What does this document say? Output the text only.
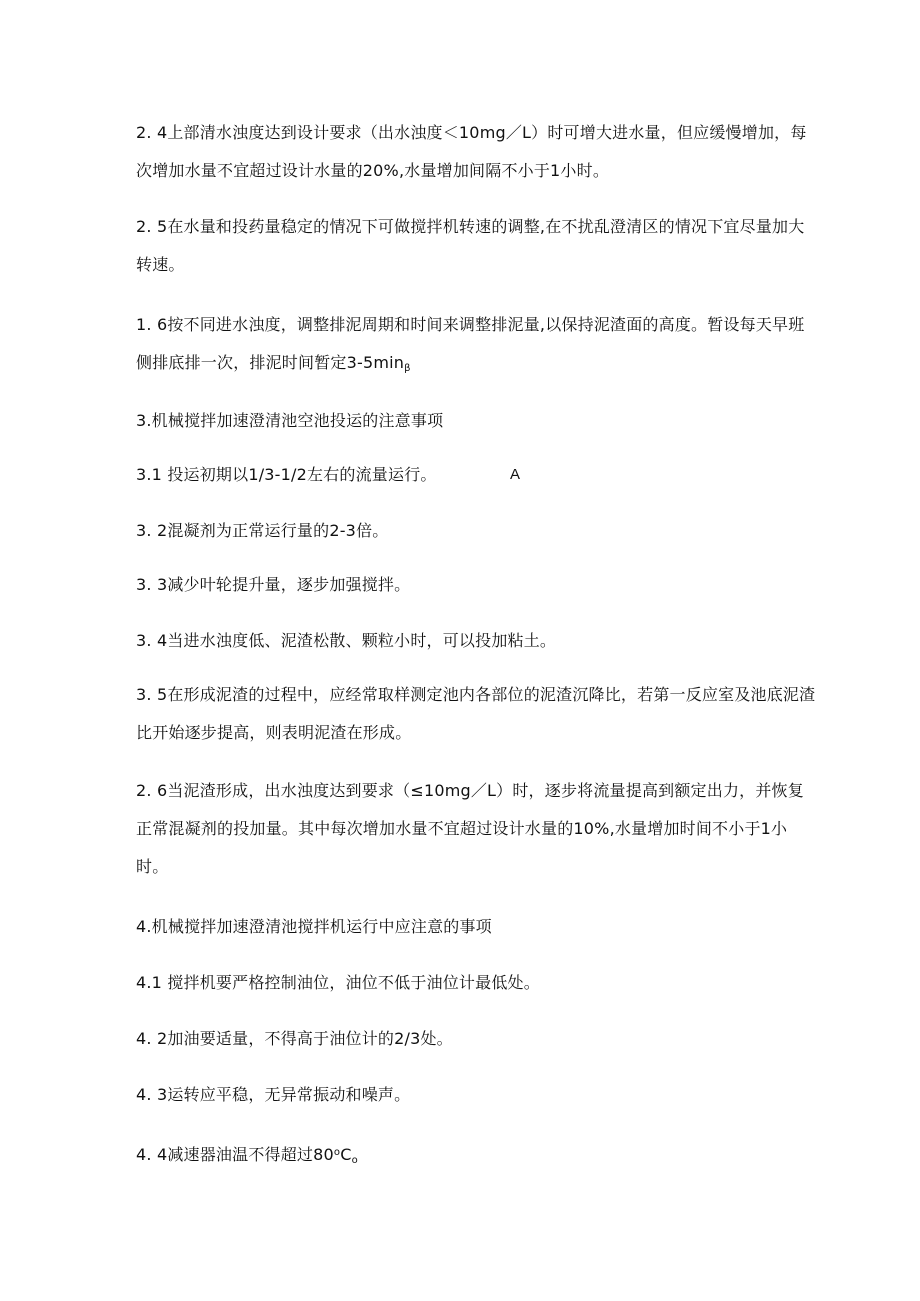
2. 4上部清水浊度达到设计要求（出水浊度＜10mg／L）时可增大进水量，但应缓慢增加，每次增加水量不宜超过设计水量的20%,水量增加间隔不小于1小时。

2. 5在水量和投药量稳定的情况下可做搅拌机转速的调整,在不扰乱澄清区的情况下宜尽量加大转速。

1. 6按不同进水浊度，调整排泥周期和时间来调整排泥量,以保持泥渣面的高度。暂设每天早班侧排底排一次，排泥时间暂定$3-5\min_\beta$

3.机械搅拌加速澄清池空池投运的注意事项

3.1 投运初期以1/3-1/2左右的流量运行。	A

3. 2混凝剂为正常运行量的2-3倍。

3. 3减少叶轮提升量，逐步加强搅拌。

3. 4当进水浊度低、泥渣松散、颗粒小时，可以投加粘土。

3. 5在形成泥渣的过程中，应经常取样测定池内各部位的泥渣沉降比，若第一反应室及池底泥渣比开始逐步提高，则表明泥渣在形成。

2. 6当泥渣形成，出水浊度达到要求（≤10mg／L）时，逐步将流量提高到额定出力，并恢复正常混凝剂的投加量。其中每次增加水量不宜超过设计水量的10%,水量增加时间不小于1小时。

4.机械搅拌加速澄清池搅拌机运行中应注意的事项

4.1 搅拌机要严格控制油位，油位不低于油位计最低处。

4. 2加油要适量，不得高于油位计的2/3处。

4. 3运转应平稳，无异常振动和噪声。

4. 4减速器油温不得超过$80^oC_o$
